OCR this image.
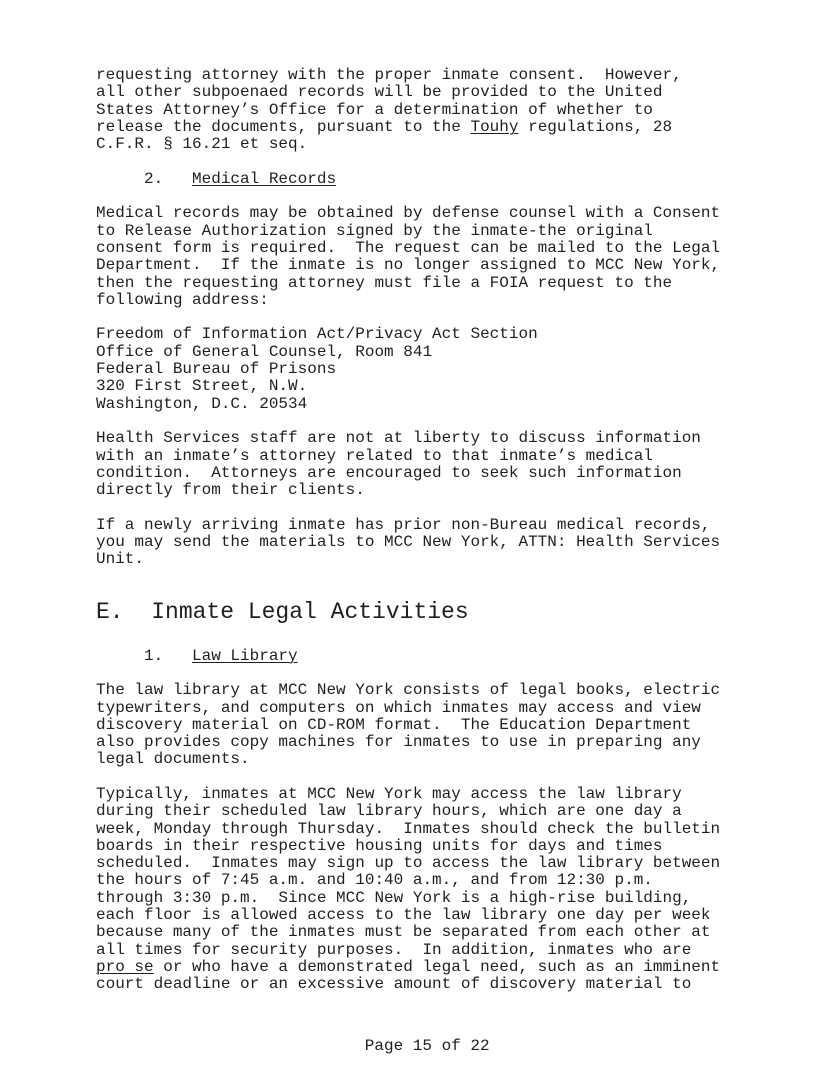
requesting attorney with the proper inmate consent.  However,
all other subpoenaed records will be provided to the United
States Attorney’s Office for a determination of whether to
release the documents, pursuant to the Touhy regulations, 28
C.F.R. § 16.21 et seq.
2.   Medical Records
Medical records may be obtained by defense counsel with a Consent
to Release Authorization signed by the inmate-the original
consent form is required.  The request can be mailed to the Legal
Department.  If the inmate is no longer assigned to MCC New York,
then the requesting attorney must file a FOIA request to the
following address:
Freedom of Information Act/Privacy Act Section
Office of General Counsel, Room 841
Federal Bureau of Prisons
320 First Street, N.W.
Washington, D.C. 20534
Health Services staff are not at liberty to discuss information
with an inmate’s attorney related to that inmate’s medical
condition.  Attorneys are encouraged to seek such information
directly from their clients.
If a newly arriving inmate has prior non-Bureau medical records,
you may send the materials to MCC New York, ATTN: Health Services
Unit.
E.  Inmate Legal Activities
1.   Law Library
The law library at MCC New York consists of legal books, electric
typewriters, and computers on which inmates may access and view
discovery material on CD-ROM format.  The Education Department
also provides copy machines for inmates to use in preparing any
legal documents.
Typically, inmates at MCC New York may access the law library
during their scheduled law library hours, which are one day a
week, Monday through Thursday.  Inmates should check the bulletin
boards in their respective housing units for days and times
scheduled.  Inmates may sign up to access the law library between
the hours of 7:45 a.m. and 10:40 a.m., and from 12:30 p.m.
through 3:30 p.m.  Since MCC New York is a high-rise building,
each floor is allowed access to the law library one day per week
because many of the inmates must be separated from each other at
all times for security purposes.  In addition, inmates who are
pro se or who have a demonstrated legal need, such as an imminent
court deadline or an excessive amount of discovery material to

Page 15 of 22
